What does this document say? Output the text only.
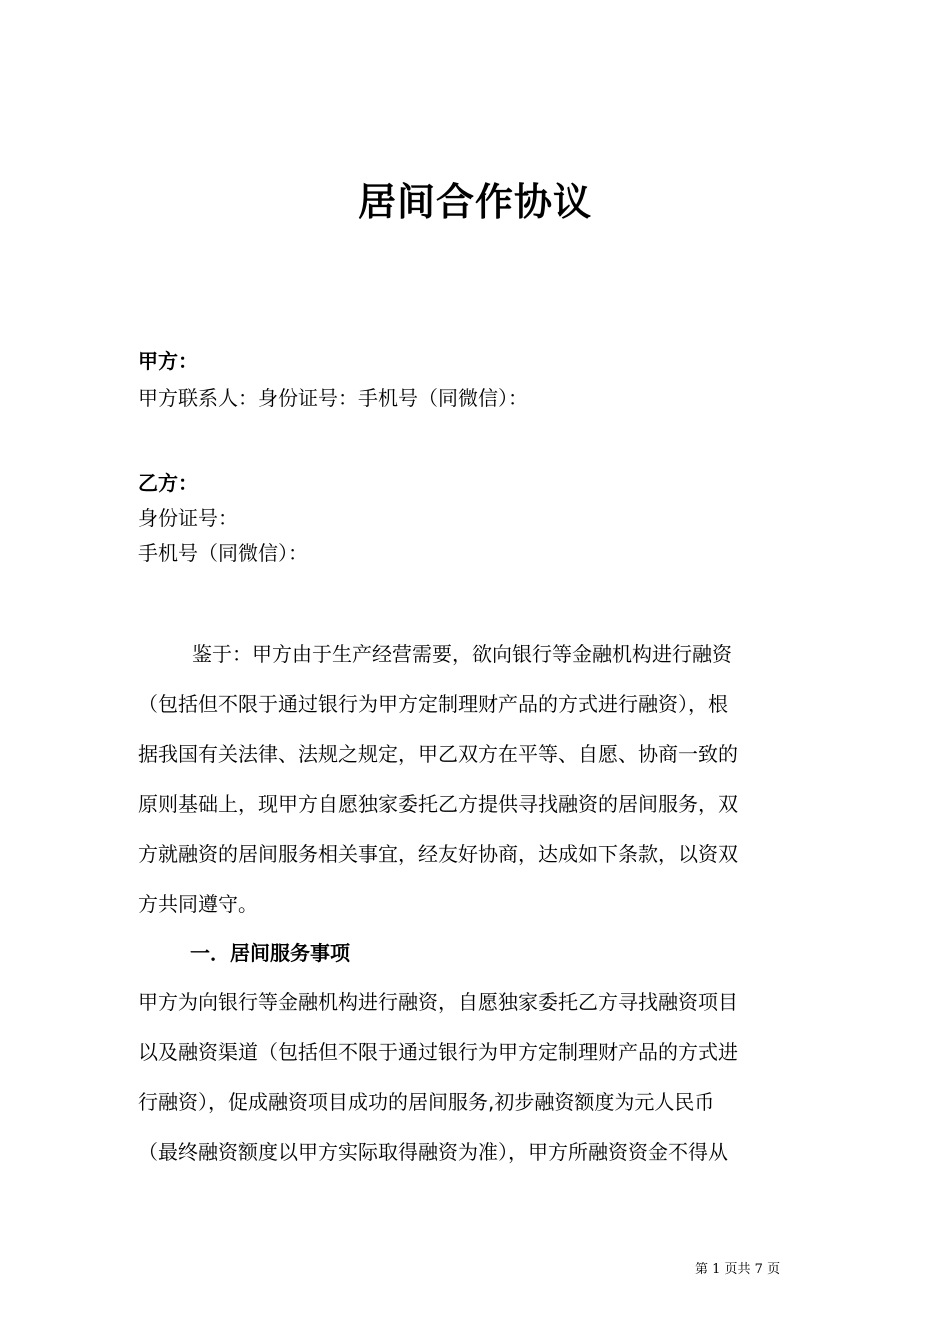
居间合作协议
甲方：
甲方联系人：身份证号：手机号（同微信）：
乙方：
身份证号：
手机号（同微信）：
鉴于：甲方由于生产经营需要，欲向银行等金融机构进行融资
（包括但不限于通过银行为甲方定制理财产品的方式进行融资），根
据我国有关法律、法规之规定，甲乙双方在平等、自愿、协商一致的
原则基础上，现甲方自愿独家委托乙方提供寻找融资的居间服务，双
方就融资的居间服务相关事宜，经友好协商，达成如下条款，以资双
方共同遵守。
一．居间服务事项
甲方为向银行等金融机构进行融资，自愿独家委托乙方寻找融资项目
以及融资渠道（包括但不限于通过银行为甲方定制理财产品的方式进
行融资），促成融资项目成功的居间服务,初步融资额度为元人民币
（最终融资额度以甲方实际取得融资为准），甲方所融资资金不得从
第 1 页共 7 页
